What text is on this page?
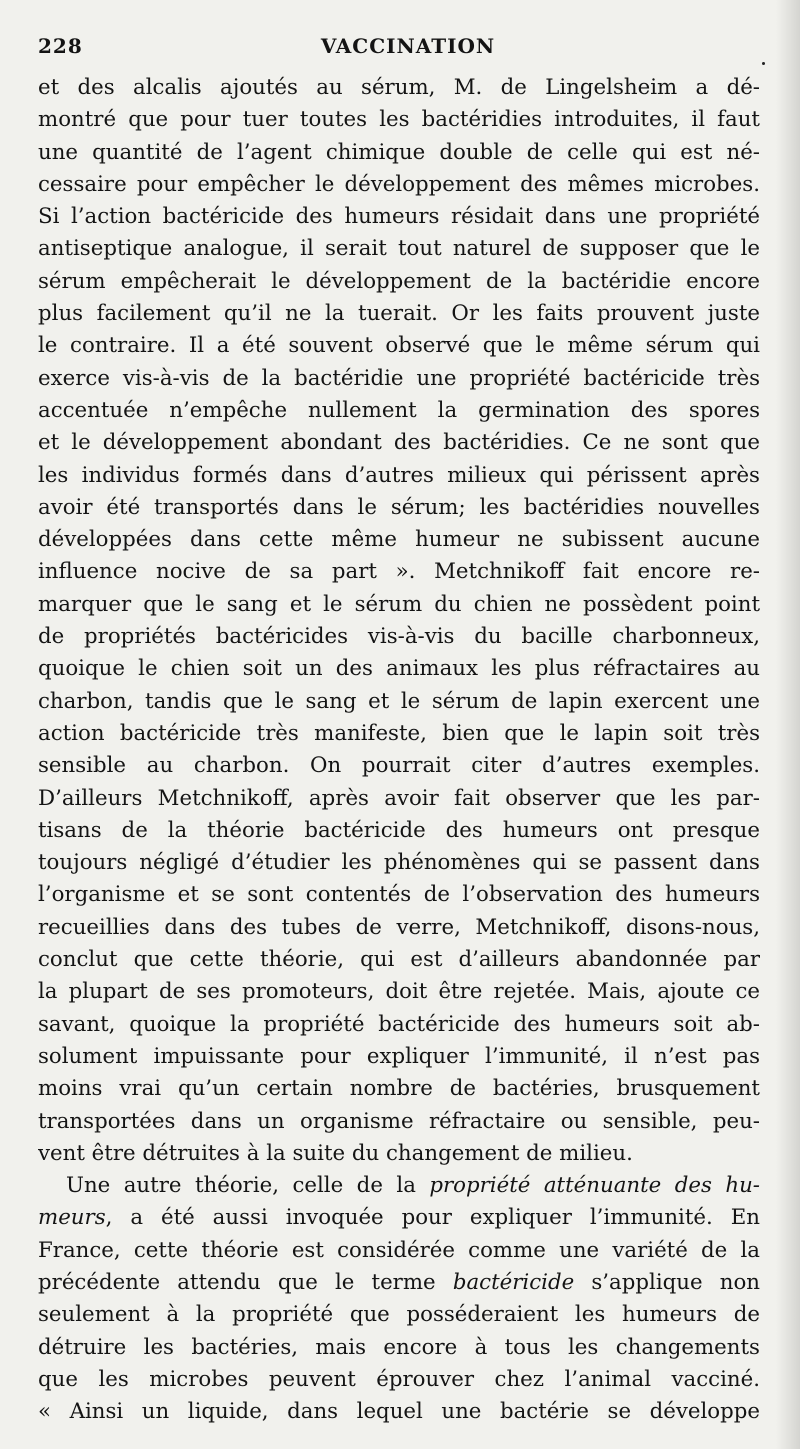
228	VACCINATION
et des alcalis ajoutés au sérum, M. de Lingelsheim a dé-
montré que pour tuer toutes les bactéridies introduites, il faut
une quantité de l’agent chimique double de celle qui est né-
cessaire pour empêcher le développement des mêmes microbes.
Si l’action bactéricide des humeurs résidait dans une propriété
antiseptique analogue, il serait tout naturel de supposer que le
sérum empêcherait le développement de la bactéridie encore
plus facilement qu’il ne la tuerait. Or les faits prouvent juste
le contraire. Il a été souvent observé que le même sérum qui
exerce vis-à-vis de la bactéridie une propriété bactéricide très
accentuée n’empêche nullement la germination des spores
et le développement abondant des bactéridies. Ce ne sont que
les individus formés dans d’autres milieux qui périssent après
avoir été transportés dans le sérum; les bactéridies nouvelles
développées dans cette même humeur ne subissent aucune
influence nocive de sa part ». Metchnikoff fait encore re-
marquer que le sang et le sérum du chien ne possèdent point
de propriétés bactéricides vis-à-vis du bacille charbonneux,
quoique le chien soit un des animaux les plus réfractaires au
charbon, tandis que le sang et le sérum de lapin exercent une
action bactéricide très manifeste, bien que le lapin soit très
sensible au charbon. On pourrait citer d’autres exemples.
D’ailleurs Metchnikoff, après avoir fait observer que les par-
tisans de la théorie bactéricide des humeurs ont presque
toujours négligé d’étudier les phénomènes qui se passent dans
l’organisme et se sont contentés de l’observation des humeurs
recueillies dans des tubes de verre, Metchnikoff, disons-nous,
conclut que cette théorie, qui est d’ailleurs abandonnée par
la plupart de ses promoteurs, doit être rejetée. Mais, ajoute ce
savant, quoique la propriété bactéricide des humeurs soit ab-
solument impuissante pour expliquer l’immunité, il n’est pas
moins vrai qu’un certain nombre de bactéries, brusquement
transportées dans un organisme réfractaire ou sensible, peu-
vent être détruites à la suite du changement de milieu.
Une autre théorie, celle de la propriété atténuante des hu-
meurs, a été aussi invoquée pour expliquer l’immunité. En
France, cette théorie est considérée comme une variété de la
précédente attendu que le terme bactéricide s’applique non
seulement à la propriété que posséderaient les humeurs de
détruire les bactéries, mais encore à tous les changements
que les microbes peuvent éprouver chez l’animal vacciné.
« Ainsi un liquide, dans lequel une bactérie se développe
